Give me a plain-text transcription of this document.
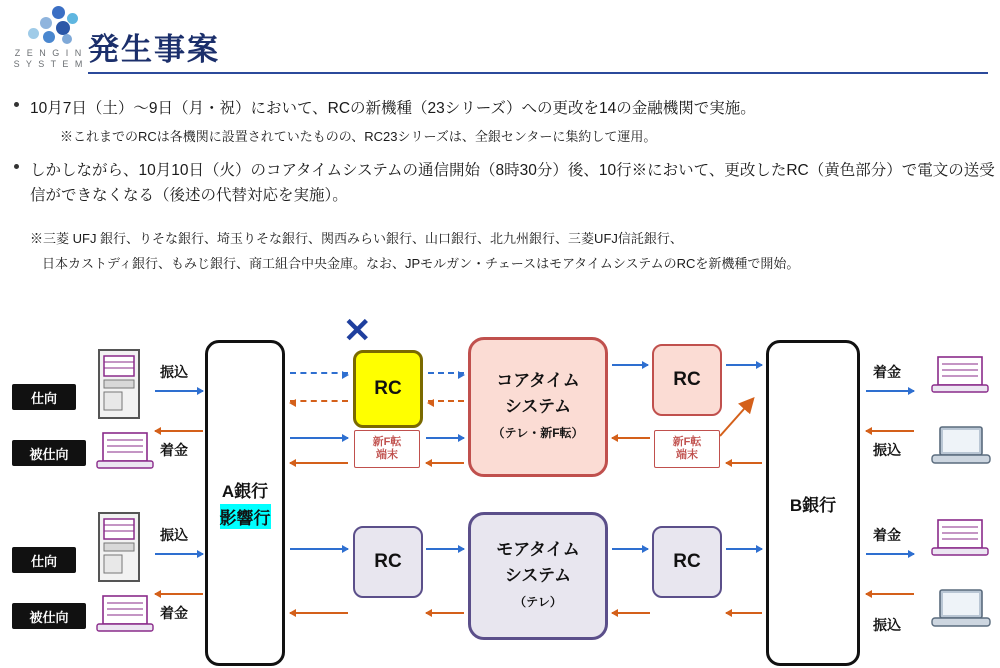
Z E N G I N
S Y S T E M 発生事案
10月7日（土）～9日（月・祝）において、RCの新機種（23シリーズ）への更改を14の金融機関で実施。
※これまでのRCは各機関に設置されていたものの、RC23シリーズは、全銀センターに集約して運用。
しかしながら、10月10日（火）のコアタイムシステムの通信開始（8時30分）後、10行※において、更改したRC（黄色部分）で電文の送受信ができなくなる（後述の代替対応を実施）。
※三菱 UFJ 銀行、りそな銀行、埼玉りそな銀行、関西みらい銀行、山口銀行、北九州銀行、三菱UFJ信託銀行、
日本カストディ銀行、もみじ銀行、商工組合中央金庫。なお、JPモルガン・チェースはモアタイムシステムのRCを新機種で開始。
仕向
被仕向
仕向
被仕向
振込
着金
振込
着金
A銀行
影響行
RC
✕
新F転
端末
新F転
端末
コアタイム
システム
（テレ・新F転）
RC
RC
モアタイム
システム
（テレ）
RC
B銀行
着金
振込
着金
振込
